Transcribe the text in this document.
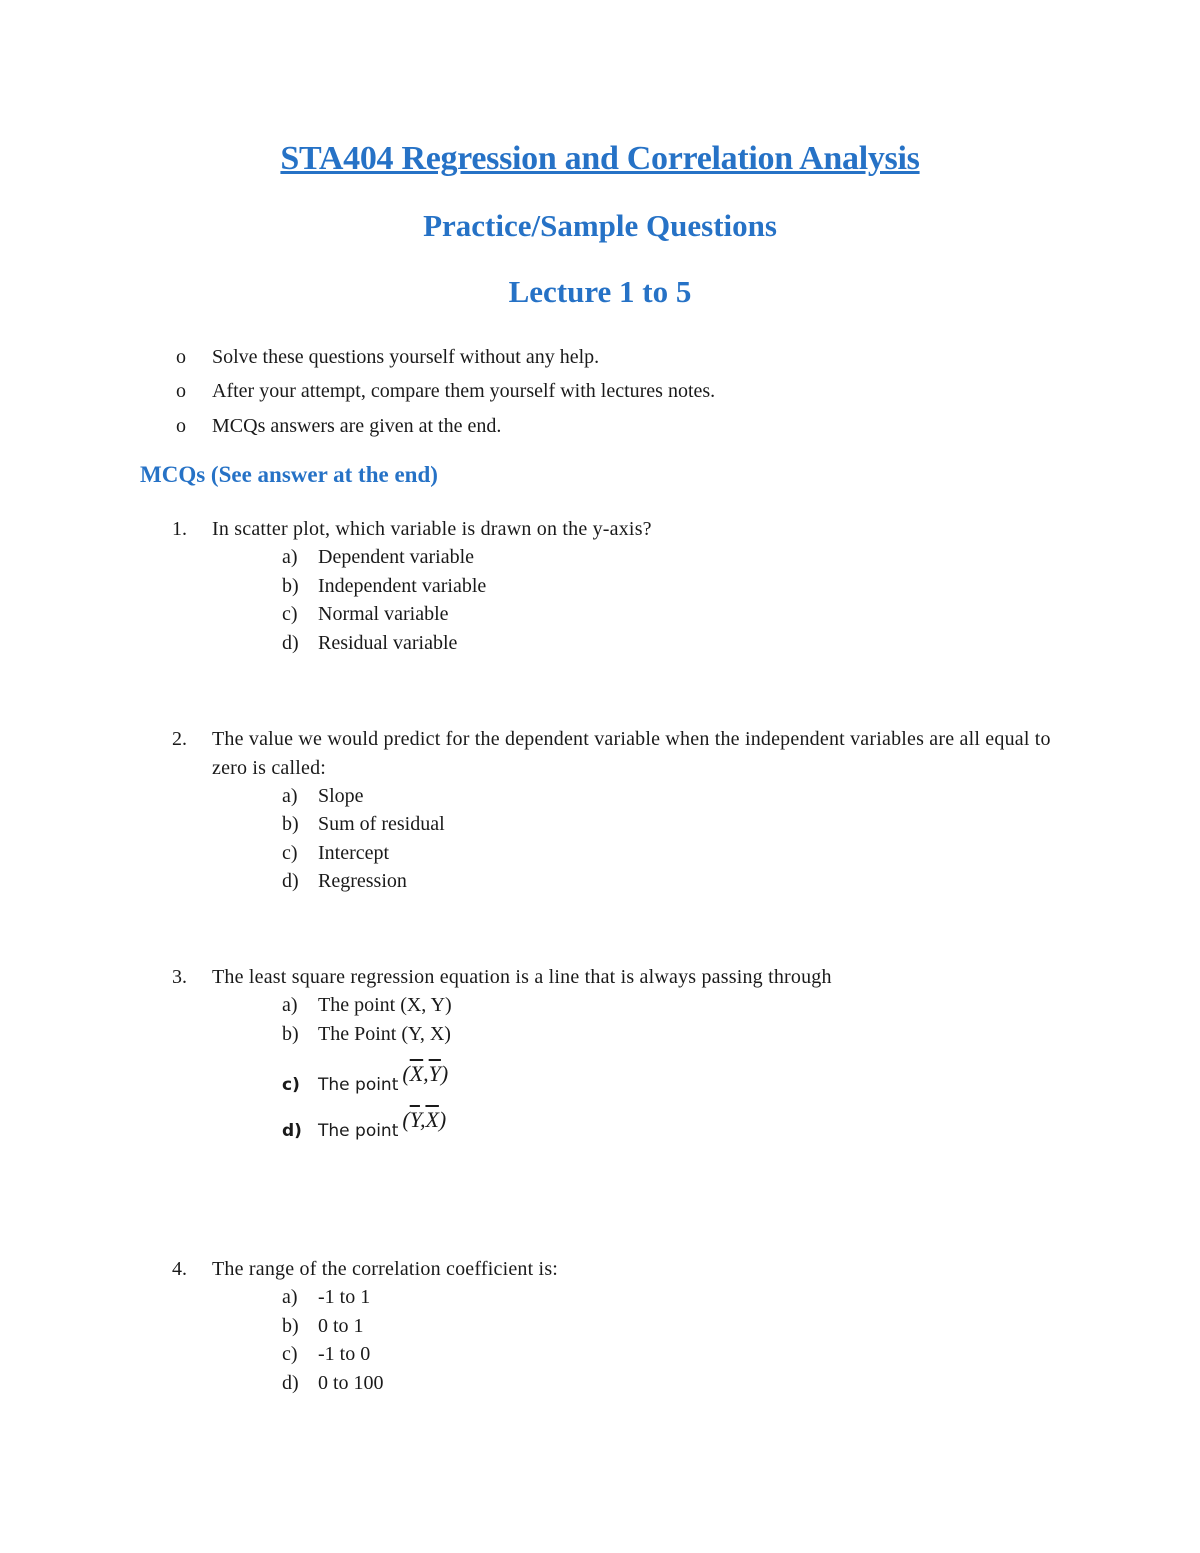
STA404 Regression and Correlation Analysis
Practice/Sample Questions
Lecture 1 to 5
o	Solve these questions yourself without any help.
o	After your attempt, compare them yourself with lectures notes.
o	MCQs answers are given at the end.
MCQs (See answer at the end)
1.	In scatter plot, which variable is drawn on the y-axis?
a)	Dependent variable
b) Independent variable
c)	Normal variable
d) Residual variable
2.	The value we would predict for the dependent variable when the independent variables are all equal to zero is called:
a)	Slope
b) Sum of residual
c)	Intercept
d) Regression
3.	The least square regression equation is a line that is always passing through
a)	The point (X, Y)
b) The Point (Y, X)
c)	The point $(\overline{X},\overline{Y})$
d) The point $(\overline{Y},\overline{X})$
4.	The range of the correlation coefficient is:
a)	-1 to 1
b) 0 to 1
c)	-1 to 0
d) 0 to 100
